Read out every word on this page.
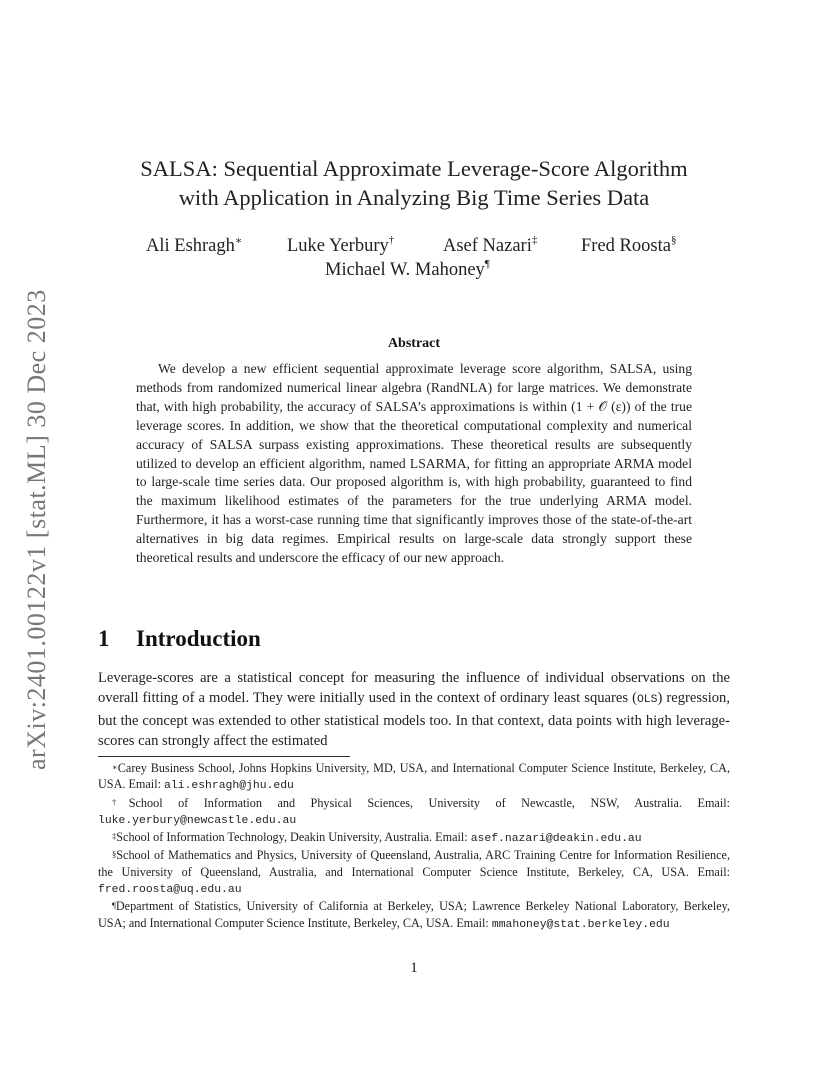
arXiv:2401.00122v1 [stat.ML] 30 Dec 2023
SALSA: Sequential Approximate Leverage-Score Algorithm
with Application in Analyzing Big Time Series Data
Ali Eshragh∗ Luke Yerbury†	Asef Nazari‡ Fred Roosta§
Michael W. Mahoney¶
Abstract

We develop a new efficient sequential approximate leverage score algorithm, SALSA, using methods from randomized numerical linear algebra (RandNLA) for large matrices. We demonstrate that, with high probability, the accuracy of SALSA’s approximations is within (1 + 𝒪 (ε)) of the true leverage scores. In addition, we show that the theoretical computational complexity and numerical accuracy of SALSA surpass existing approximations. These theoretical results are subsequently utilized to develop an efficient algorithm, named LSARMA, for fitting an appropriate ARMA model to large-scale time series data. Our proposed algorithm is, with high probability, guaranteed to find the maximum likelihood estimates of the parameters for the true underlying ARMA model. Furthermore, it has a worst-case running time that significantly improves those of the state-of-the-art alternatives in big data regimes. Empirical results on large-scale data strongly support these theoretical results and underscore the efficacy of our new approach.

1 Introduction

Leverage-scores are a statistical concept for measuring the influence of individual observations on the overall fitting of a model. They were initially used in the context of ordinary least squares (OLS) regression, but the concept was extended to other statistical models too. In that context, data points with high leverage-scores can strongly affect the estimated

∗Carey Business School, Johns Hopkins University, MD, USA, and International Computer Science Institute, Berkeley, CA, USA. Email: ali.eshragh@jhu.edu

†School of Information and Physical Sciences, University of Newcastle, NSW, Australia. Email: luke.yerbury@newcastle.edu.au

‡School of Information Technology, Deakin University, Australia. Email: asef.nazari@deakin.edu.au

§School of Mathematics and Physics, University of Queensland, Australia, ARC Training Centre for Information Resilience, the University of Queensland, Australia, and International Computer Science Institute, Berkeley, CA, USA. Email: fred.roosta@uq.edu.au

¶Department of Statistics, University of California at Berkeley, USA; Lawrence Berkeley National Laboratory, Berkeley, USA; and International Computer Science Institute, Berkeley, CA, USA. Email: mmahoney@stat.berkeley.edu

1
